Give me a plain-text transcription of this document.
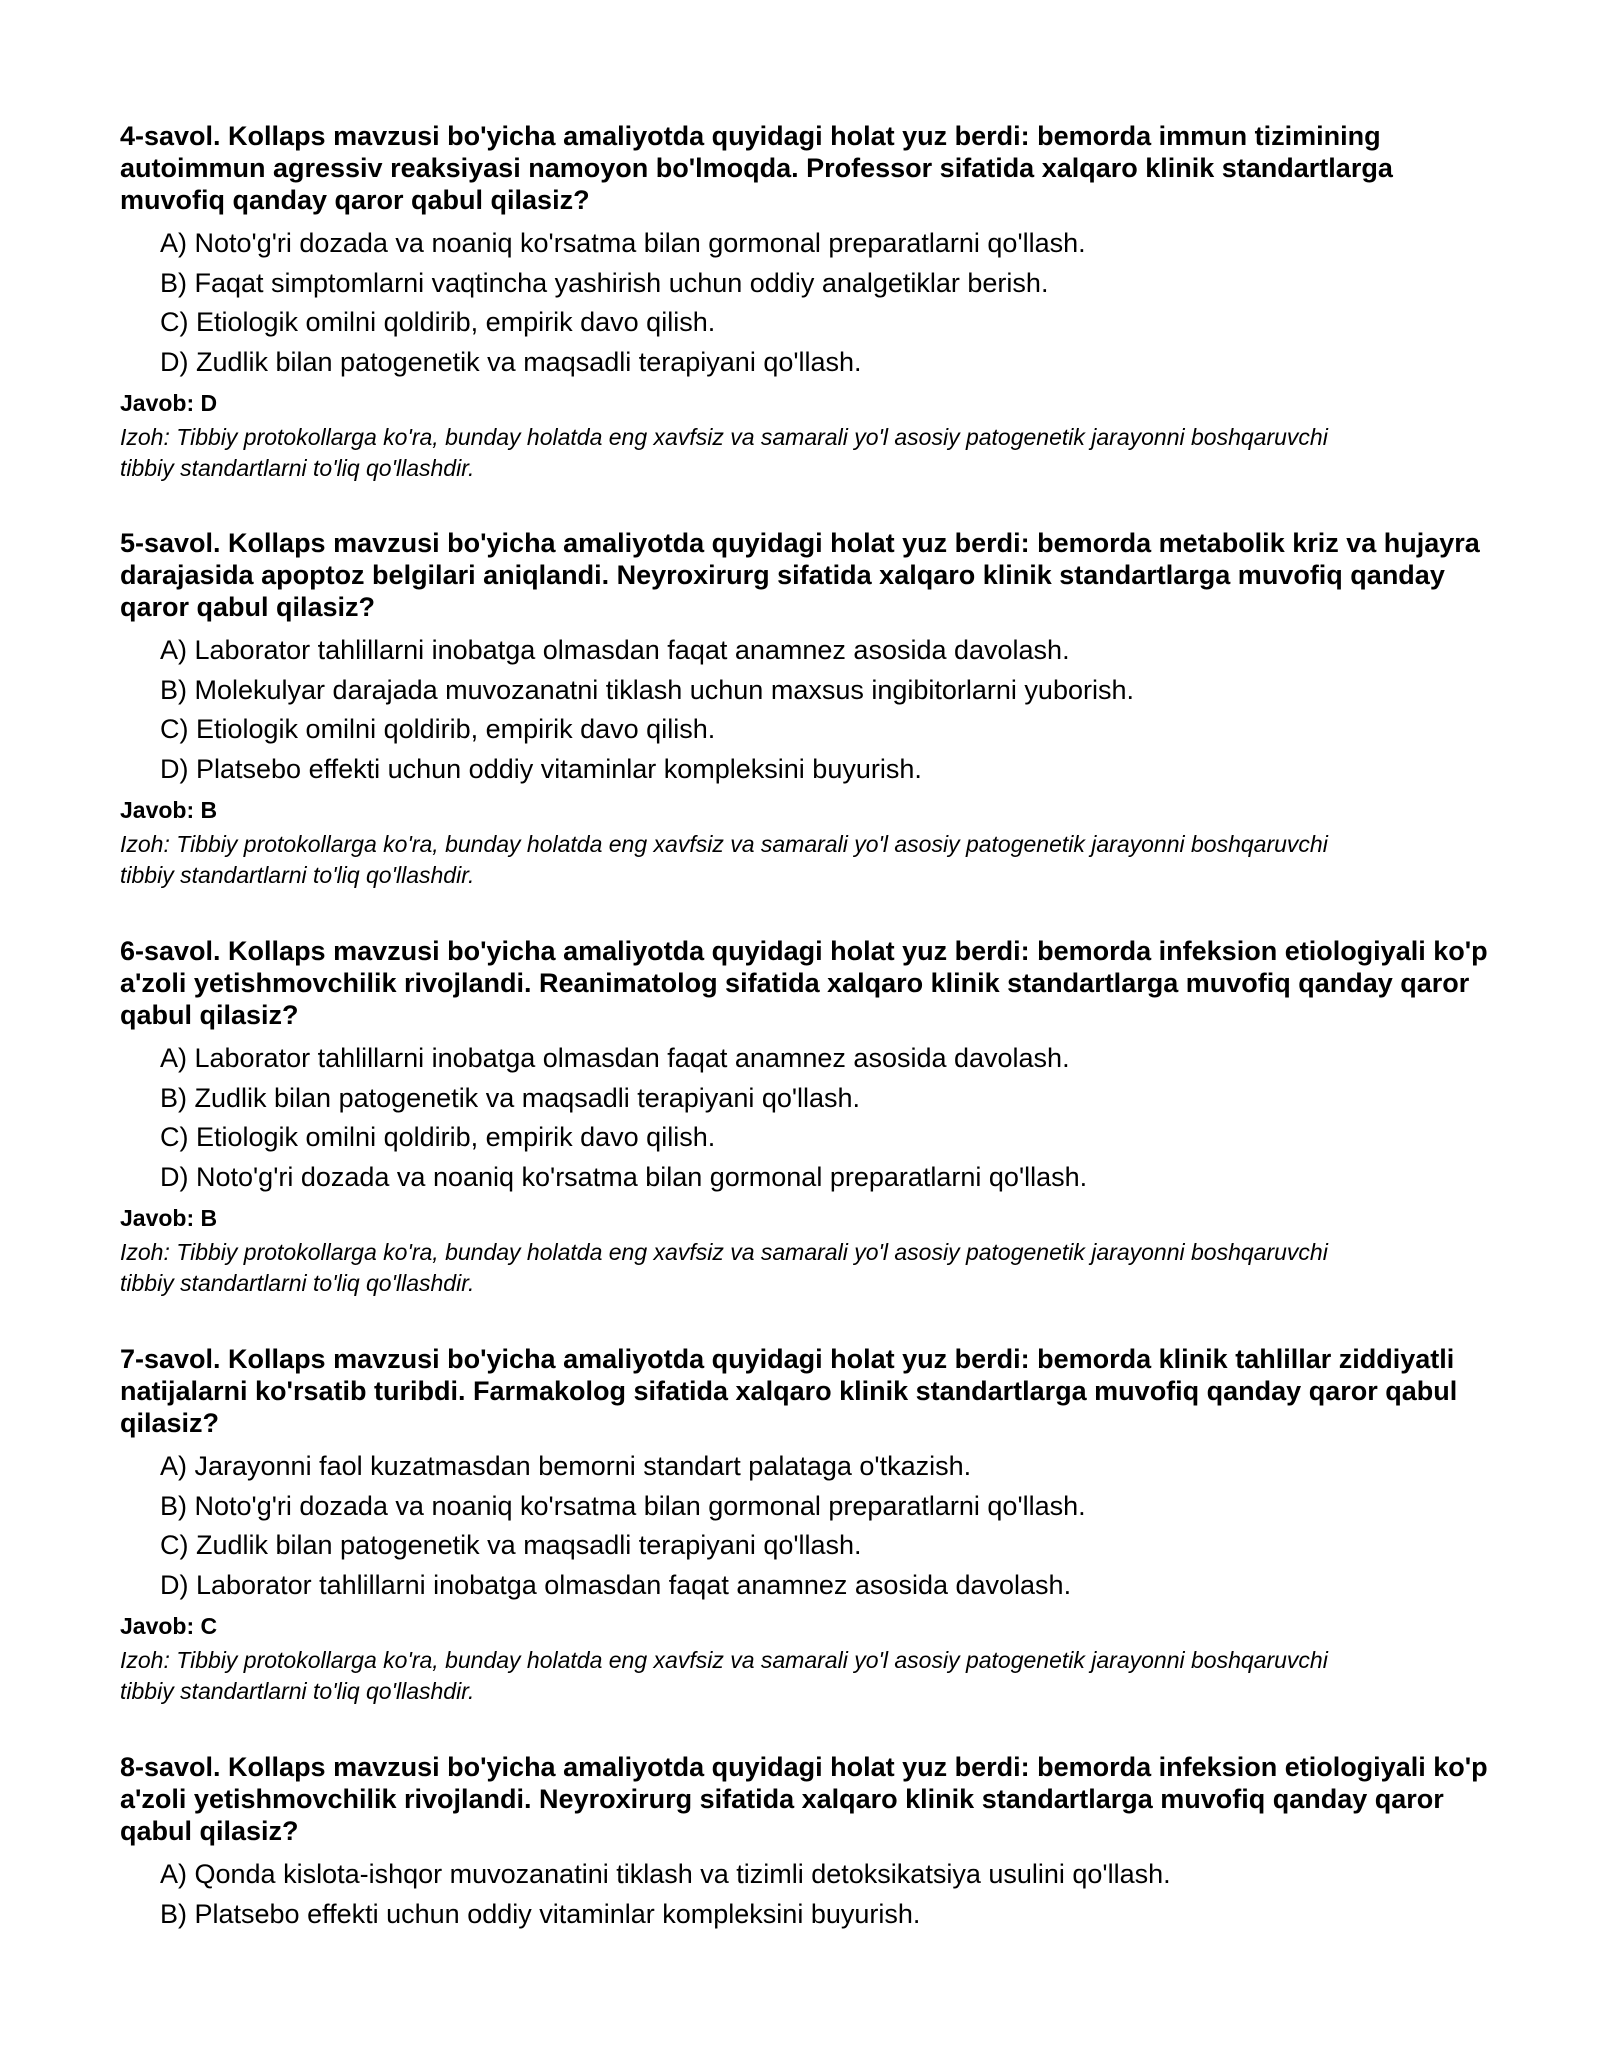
4-savol. Kollaps mavzusi bo'yicha amaliyotda quyidagi holat yuz berdi: bemorda immun tizimining autoimmun agressiv reaksiyasi namoyon bo'lmoqda. Professor sifatida xalqaro klinik standartlarga muvofiq qanday qaror qabul qilasiz?

A) Noto'g'ri dozada va noaniq ko'rsatma bilan gormonal preparatlarni qo'llash.
B) Faqat simptomlarni vaqtincha yashirish uchun oddiy analgetiklar berish.
C) Etiologik omilni qoldirib, empirik davo qilish.
D) Zudlik bilan patogenetik va maqsadli terapiyani qo'llash.

Javob: D

Izoh: Tibbiy protokollarga ko'ra, bunday holatda eng xavfsiz va samarali yo'l asosiy patogenetik jarayonni boshqaruvchi tibbiy standartlarni to'liq qo'llashdir.

5-savol. Kollaps mavzusi bo'yicha amaliyotda quyidagi holat yuz berdi: bemorda metabolik kriz va hujayra darajasida apoptoz belgilari aniqlandi. Neyroxirurg sifatida xalqaro klinik standartlarga muvofiq qanday qaror qabul qilasiz?

A) Laborator tahlillarni inobatga olmasdan faqat anamnez asosida davolash.
B) Molekulyar darajada muvozanatni tiklash uchun maxsus ingibitorlarni yuborish.
C) Etiologik omilni qoldirib, empirik davo qilish.
D) Platsebo effekti uchun oddiy vitaminlar kompleksini buyurish.

Javob: B

Izoh: Tibbiy protokollarga ko'ra, bunday holatda eng xavfsiz va samarali yo'l asosiy patogenetik jarayonni boshqaruvchi tibbiy standartlarni to'liq qo'llashdir.

6-savol. Kollaps mavzusi bo'yicha amaliyotda quyidagi holat yuz berdi: bemorda infeksion etiologiyali ko'p a'zoli yetishmovchilik rivojlandi. Reanimatolog sifatida xalqaro klinik standartlarga muvofiq qanday qaror qabul qilasiz?

A) Laborator tahlillarni inobatga olmasdan faqat anamnez asosida davolash.
B) Zudlik bilan patogenetik va maqsadli terapiyani qo'llash.
C) Etiologik omilni qoldirib, empirik davo qilish.
D) Noto'g'ri dozada va noaniq ko'rsatma bilan gormonal preparatlarni qo'llash.

Javob: B

Izoh: Tibbiy protokollarga ko'ra, bunday holatda eng xavfsiz va samarali yo'l asosiy patogenetik jarayonni boshqaruvchi tibbiy standartlarni to'liq qo'llashdir.

7-savol. Kollaps mavzusi bo'yicha amaliyotda quyidagi holat yuz berdi: bemorda klinik tahlillar ziddiyatli natijalarni ko'rsatib turibdi. Farmakolog sifatida xalqaro klinik standartlarga muvofiq qanday qaror qabul qilasiz?

A) Jarayonni faol kuzatmasdan bemorni standart palataga o'tkazish.
B) Noto'g'ri dozada va noaniq ko'rsatma bilan gormonal preparatlarni qo'llash.
C) Zudlik bilan patogenetik va maqsadli terapiyani qo'llash.
D) Laborator tahlillarni inobatga olmasdan faqat anamnez asosida davolash.

Javob: C

Izoh: Tibbiy protokollarga ko'ra, bunday holatda eng xavfsiz va samarali yo'l asosiy patogenetik jarayonni boshqaruvchi tibbiy standartlarni to'liq qo'llashdir.

8-savol. Kollaps mavzusi bo'yicha amaliyotda quyidagi holat yuz berdi: bemorda infeksion etiologiyali ko'p a'zoli yetishmovchilik rivojlandi. Neyroxirurg sifatida xalqaro klinik standartlarga muvofiq qanday qaror qabul qilasiz?

A) Qonda kislota-ishqor muvozanatini tiklash va tizimli detoksikatsiya usulini qo'llash.
B) Platsebo effekti uchun oddiy vitaminlar kompleksini buyurish.
